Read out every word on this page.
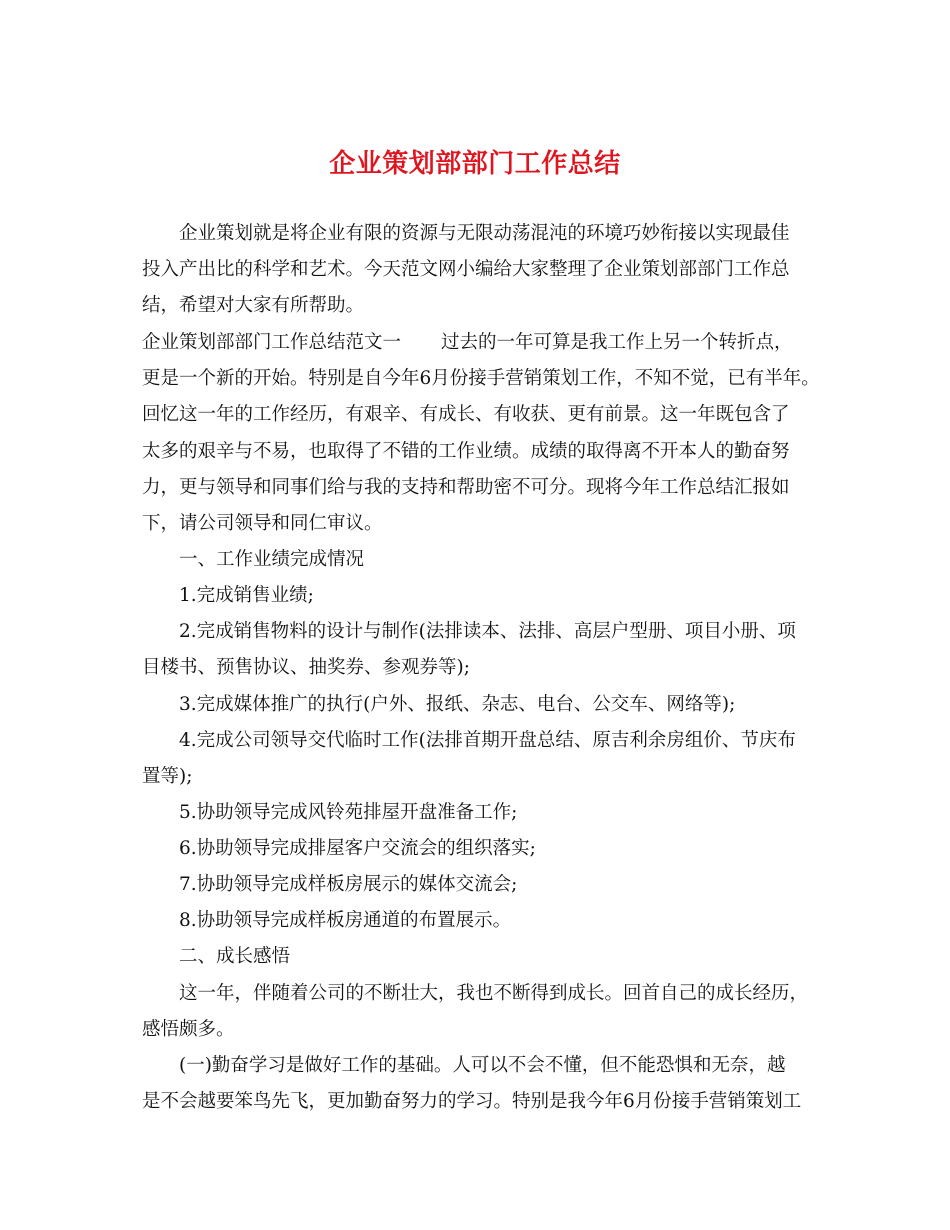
企业策划部部门工作总结
企业策划就是将企业有限的资源与无限动荡混沌的环境巧妙衔接以实现最佳
投入产出比的科学和艺术。今天范文网小编给大家整理了企业策划部部门工作总
结，希望对大家有所帮助。
企业策划部部门工作总结范文一 过去的一年可算是我工作上另一个转折点，
更是一个新的开始。特别是自今年6月份接手营销策划工作，不知不觉，已有半年。
回忆这一年的工作经历，有艰辛、有成长、有收获、更有前景。这一年既包含了
太多的艰辛与不易，也取得了不错的工作业绩。成绩的取得离不开本人的勤奋努
力，更与领导和同事们给与我的支持和帮助密不可分。现将今年工作总结汇报如
下，请公司领导和同仁审议。
一、工作业绩完成情况
1.完成销售业绩;
2.完成销售物料的设计与制作(法排读本、法排、高层户型册、项目小册、项
目楼书、预售协议、抽奖券、参观券等);
3.完成媒体推广的执行(户外、报纸、杂志、电台、公交车、网络等);
4.完成公司领导交代临时工作(法排首期开盘总结、原吉利余房组价、节庆布
置等);
5.协助领导完成风铃苑排屋开盘准备工作;
6.协助领导完成排屋客户交流会的组织落实;
7.协助领导完成样板房展示的媒体交流会;
8.协助领导完成样板房通道的布置展示。
二、成长感悟
这一年，伴随着公司的不断壮大，我也不断得到成长。回首自己的成长经历，
感悟颇多。
(一)勤奋学习是做好工作的基础。人可以不会不懂，但不能恐惧和无奈，越
是不会越要笨鸟先飞，更加勤奋努力的学习。特别是我今年6月份接手营销策划工
